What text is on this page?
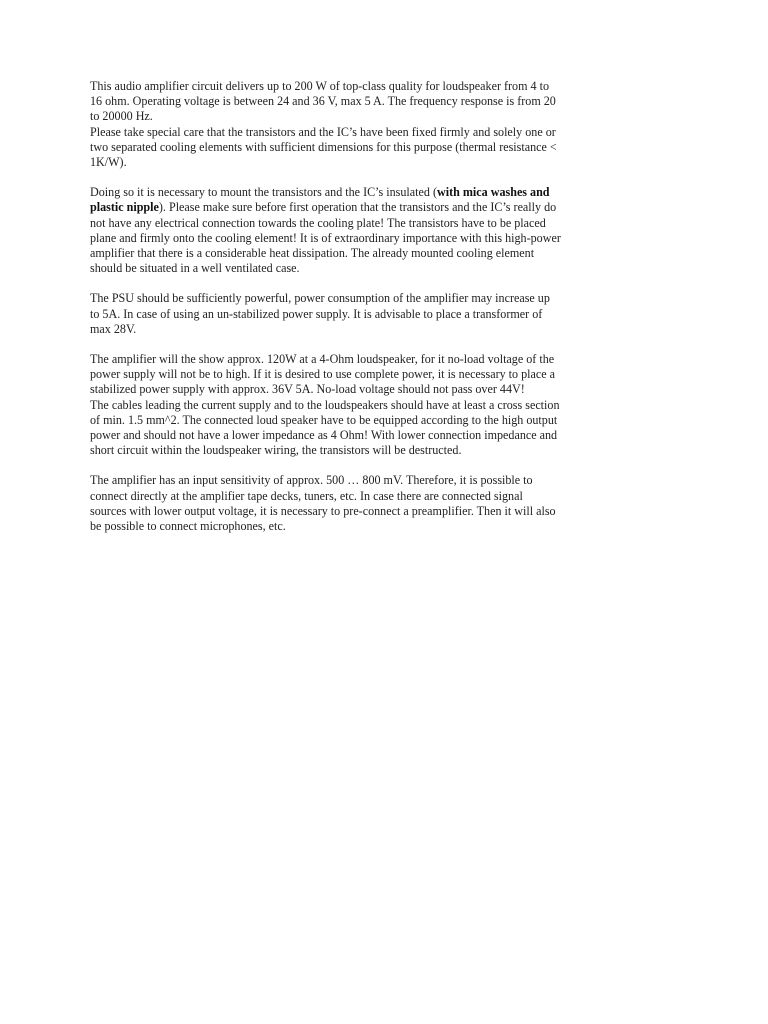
This audio amplifier circuit delivers up to 200 W of top-class quality for loudspeaker from 4 to
16 ohm. Operating voltage is between 24 and 36 V, max 5 A. The frequency response is from 20
to 20000 Hz.
Please take special care that the transistors and the IC’s have been fixed firmly and solely one or
two separated cooling elements with sufficient dimensions for this purpose (thermal resistance <
1K/W).

Doing so it is necessary to mount the transistors and the IC’s insulated (with mica washes and
plastic nipple). Please make sure before first operation that the transistors and the IC’s really do
not have any electrical connection towards the cooling plate! The transistors have to be placed
plane and firmly onto the cooling element! It is of extraordinary importance with this high-power
amplifier that there is a considerable heat dissipation. The already mounted cooling element
should be situated in a well ventilated case.

The PSU should be sufficiently powerful, power consumption of the amplifier may increase up
to 5A. In case of using an un-stabilized power supply. It is advisable to place a transformer of
max 28V.

The amplifier will the show approx. 120W at a 4-Ohm loudspeaker, for it no-load voltage of the
power supply will not be to high. If it is desired to use complete power, it is necessary to place a
stabilized power supply with approx. 36V 5A. No-load voltage should not pass over 44V!
The cables leading the current supply and to the loudspeakers should have at least a cross section
of min. 1.5 mm^2. The connected loud speaker have to be equipped according to the high output
power and should not have a lower impedance as 4 Ohm! With lower connection impedance and
short circuit within the loudspeaker wiring, the transistors will be destructed.

The amplifier has an input sensitivity of approx. 500 … 800 mV. Therefore, it is possible to
connect directly at the amplifier tape decks, tuners, etc. In case there are connected signal
sources with lower output voltage, it is necessary to pre-connect a preamplifier. Then it will also
be possible to connect microphones, etc.
